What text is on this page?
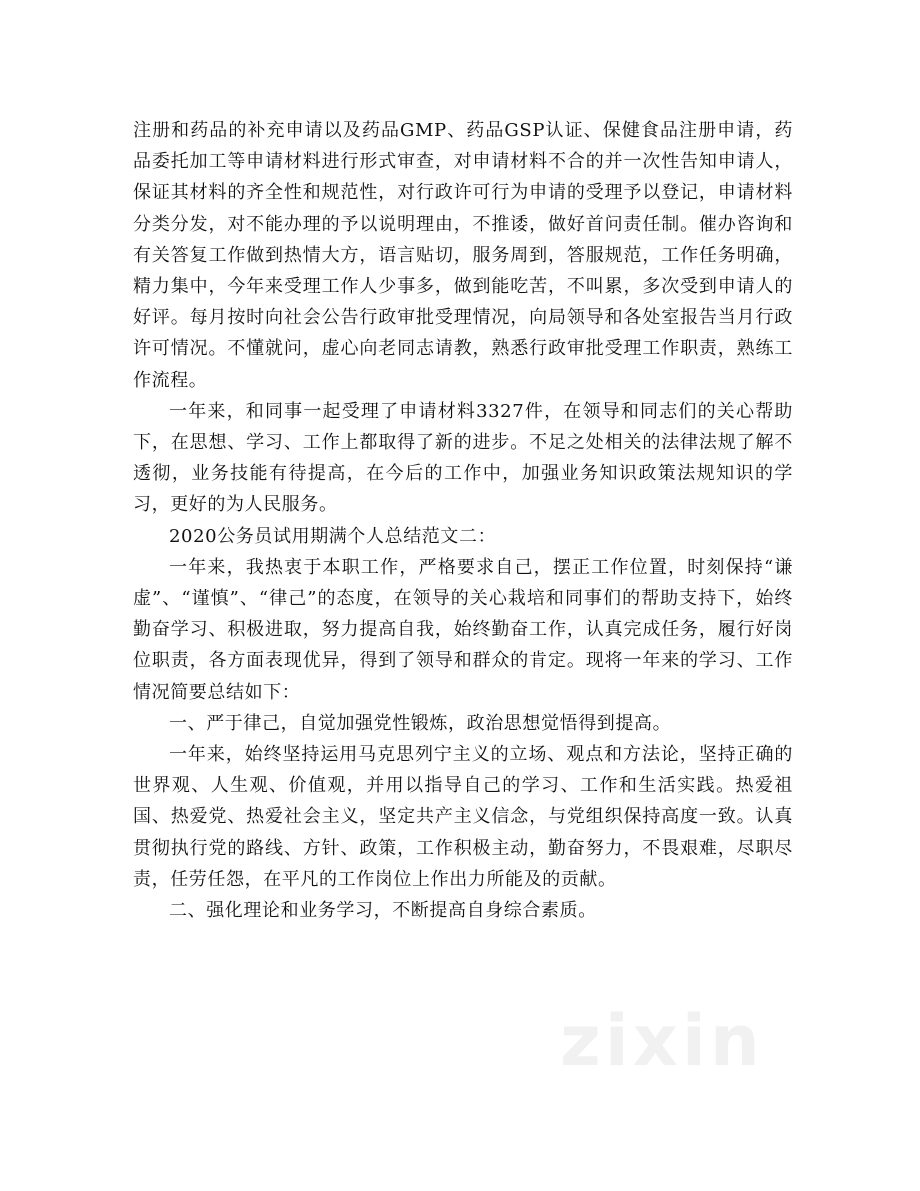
注册和药品的补充申请以及药品GMP、药品GSP认证、保健食品注册申请，药品委托加工等申请材料进行形式审查，对申请材料不合的并一次性告知申请人，保证其材料的齐全性和规范性，对行政许可行为申请的受理予以登记，申请材料分类分发，对不能办理的予以说明理由，不推诿，做好首问责任制。催办咨询和有关答复工作做到热情大方，语言贴切，服务周到，答服规范，工作任务明确，精力集中，今年来受理工作人少事多，做到能吃苦，不叫累，多次受到申请人的好评。每月按时向社会公告行政审批受理情况，向局领导和各处室报告当月行政许可情况。不懂就问，虚心向老同志请教，熟悉行政审批受理工作职责，熟练工作流程。

一年来，和同事一起受理了申请材料3327件，在领导和同志们的关心帮助下，在思想、学习、工作上都取得了新的进步。不足之处相关的法律法规了解不透彻，业务技能有待提高，在今后的工作中，加强业务知识政策法规知识的学习，更好的为人民服务。

2020公务员试用期满个人总结范文二：

一年来，我热衷于本职工作，严格要求自己，摆正工作位置，时刻保持“谦虚”、“谨慎”、“律己”的态度，在领导的关心栽培和同事们的帮助支持下，始终勤奋学习、积极进取，努力提高自我，始终勤奋工作，认真完成任务，履行好岗位职责，各方面表现优异，得到了领导和群众的肯定。现将一年来的学习、工作情况简要总结如下：

一、严于律己，自觉加强党性锻炼，政治思想觉悟得到提高。

一年来，始终坚持运用马克思列宁主义的立场、观点和方法论，坚持正确的世界观、人生观、价值观，并用以指导自己的学习、工作和生活实践。热爱祖国、热爱党、热爱社会主义，坚定共产主义信念，与党组织保持高度一致。认真贯彻执行党的路线、方针、政策，工作积极主动，勤奋努力，不畏艰难，尽职尽责，任劳任怨，在平凡的工作岗位上作出力所能及的贡献。

二、强化理论和业务学习，不断提高自身综合素质。

zixin
